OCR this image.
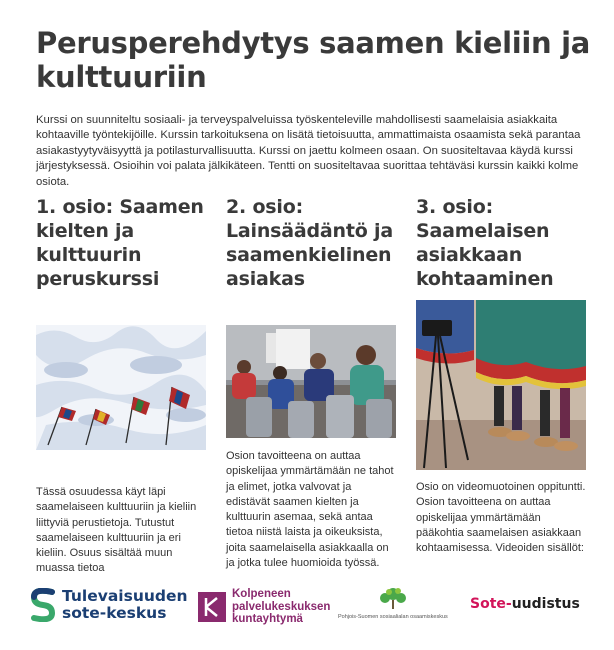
Perusperehdytys saamen kieliin ja kulttuuriin

Kurssi on suunniteltu sosiaali- ja terveyspalveluissa työskenteleville mahdollisesti saamelaisia asiakkaita kohtaaville työntekijöille. Kurssin tarkoituksena on lisätä tietoisuutta, ammattimaista osaamista sekä parantaa asiakastyytyväisyyttä ja potilasturvallisuutta. Kurssi on jaettu kolmeen osaan. On suositeltavaa käydä kurssi järjestyksessä. Osioihin voi palata jälkikäteen. Tentti on suositeltavaa suorittaa tehtäväsi kurssin kaikki kolme osiota.

1. osio: Saamen
kielten ja
kulttuurin
peruskurssi
2. osio:
Lainsäädäntö ja
saamenkielinen
asiakas
3. osio:
Saamelaisen
asiakkaan
kohtaaminen

Tässä osuudessa käyt läpi saamelaiseen kulttuuriin ja kieliin liittyviä perustietoja. Tutustut saamelaiseen kulttuuriin ja eri kieliin. Osuus sisältää muun muassa tietoa

Osion tavoitteena on auttaa opiskelijaa ymmärtämään ne tahot ja elimet, jotka valvovat ja edistävät saamen kielten ja kulttuurin asemaa, sekä antaa tietoa niistä laista ja oikeuksista, joita saamelaisella asiakkaalla on ja jotka tulee huomioida työssä.

Osio on videomuotoinen oppituntti. Osion tavoitteena on auttaa opiskelijaa ymmärtämään pääkohtia saamelaisen asiakkaan kohtaamisessa. Videoiden sisällöt:

Tulevaisuuden
sote-keskus
Kolpeneen
palvelukeskuksen
kuntayhtymä	Pohjois-Suomen sosiaalialan osaamiskeskus
Sote- uudistus
